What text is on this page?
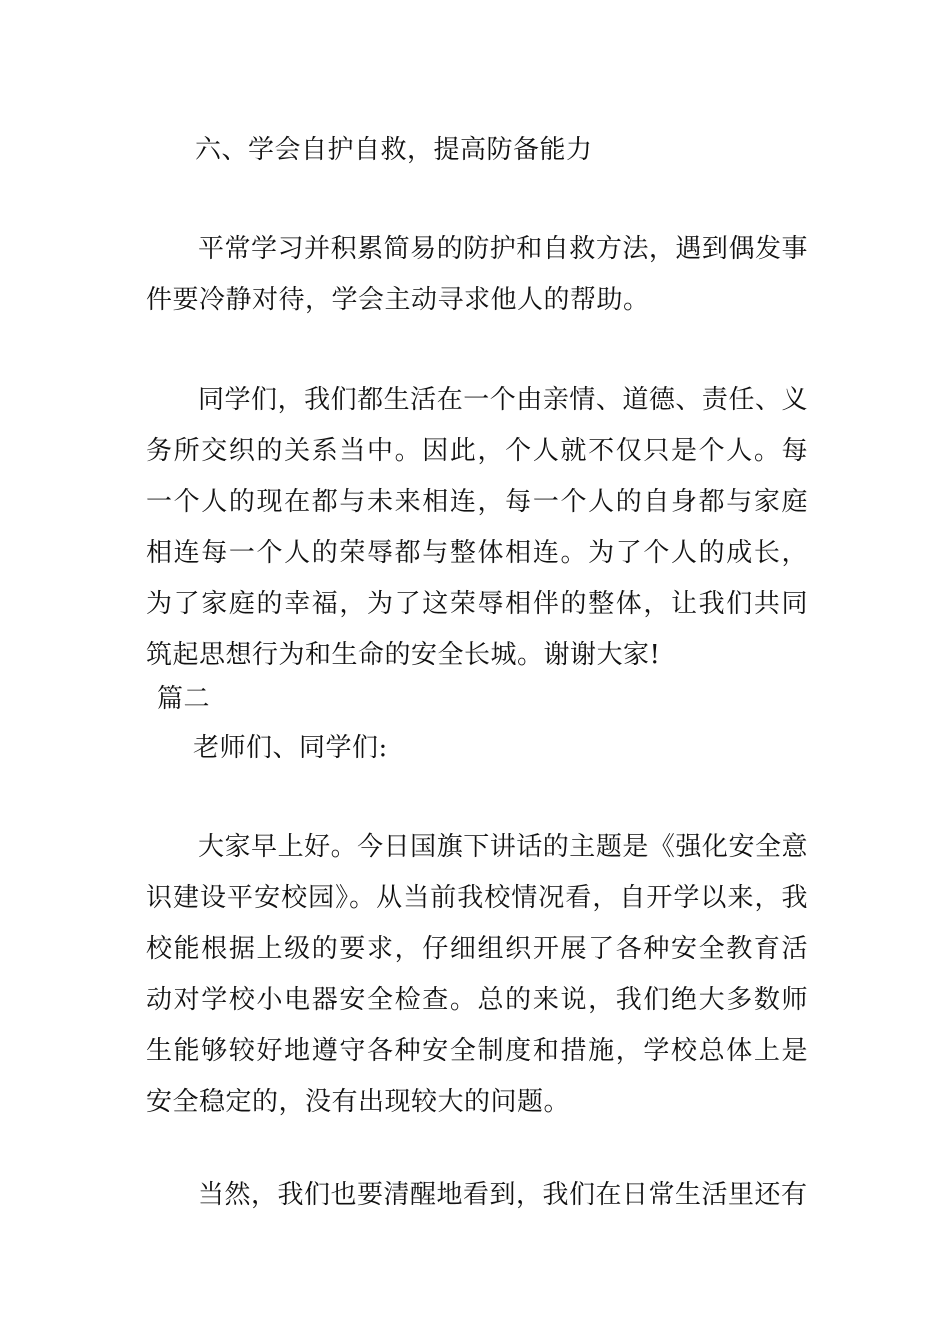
六、学会自护自救，提高防备能力

平常学习并积累简易的防护和自救方法，遇到偶发事件要冷静对待，学会主动寻求他人的帮助。

同学们，我们都生活在一个由亲情、道德、责任、义务所交织的关系当中。因此，个人就不仅只是个人。每一个人的现在都与未来相连，每一个人的自身都与家庭相连每一个人的荣辱都与整体相连。为了个人的成长，为了家庭的幸福，为了这荣辱相伴的整体，让我们共同筑起思想行为和生命的安全长城。谢谢大家!

篇二
老师们、同学们:

大家早上好。今日国旗下讲话的主题是《强化安全意识建设平安校园》。从当前我校情况看，自开学以来，我校能根据上级的要求，仔细组织开展了各种安全教育活动对学校小电器安全检查。总的来说，我们绝大多数师生能够较好地遵守各种安全制度和措施，学校总体上是安全稳定的，没有出现较大的问题。

当然，我们也要清醒地看到，我们在日常生活里还有
